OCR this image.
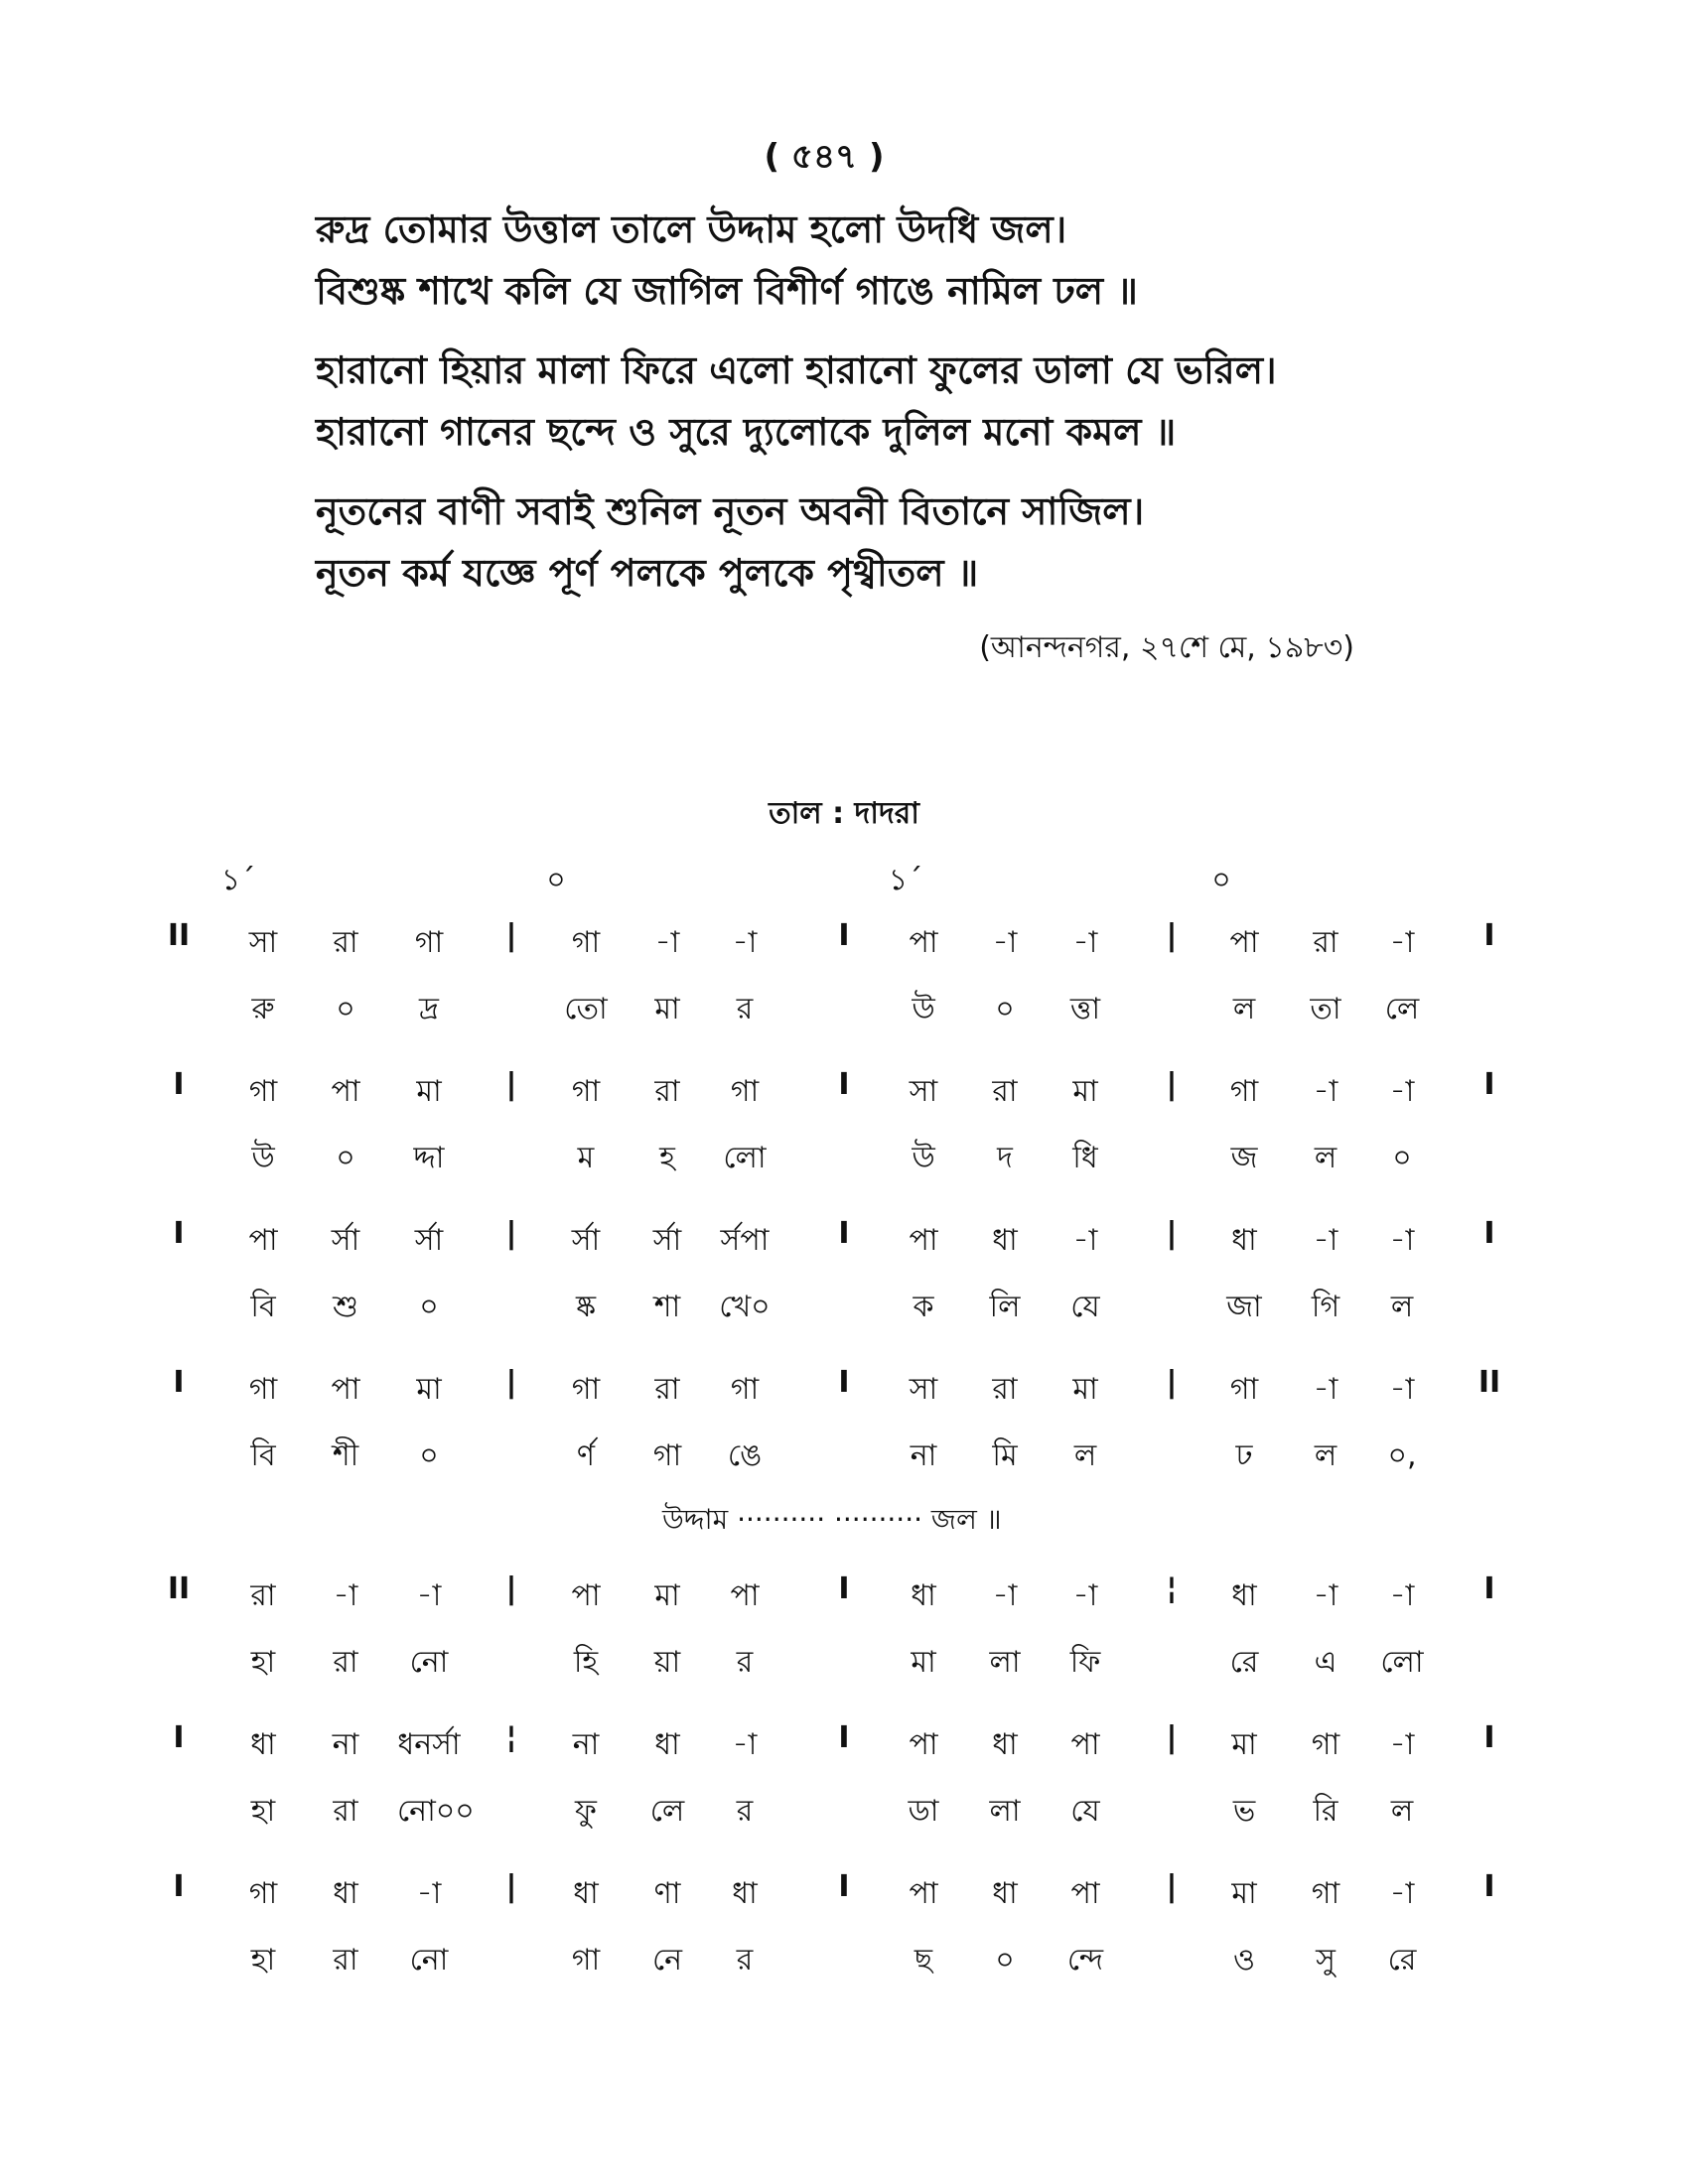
( ৫৪৭ )
রুদ্র তোমার উত্তাল তালে উদ্দাম হলো উদধি জল।
বিশুষ্ক শাখে কলি যে জাগিল বিশীর্ণ গাঙে নামিল ঢল ॥
হারানো হিয়ার মালা ফিরে এলো হারানো ফুলের ডালা যে ভরিল।
হারানো গানের ছন্দে ও সুরে দ্যুলোকে দুলিল মনো কমল ॥
নূতনের বাণী সবাই শুনিল নূতন অবনী বিতানে সাজিল।
নূতন কর্ম যজ্ঞে পূর্ণ পলকে পুলকে পৃথ্বীতল ॥
(আনন্দনগর, ২৭শে মে, ১৯৮৩)
তাল : দাদরা
১´	০	১´	০
II	|	I	|	I
সা	রা	গা	গা	-া	-া	পা	-া	-া	পা	রা	-া
রু	০	দ্র	তো	মা	র	উ	০	ত্তা	ল	তা	লে
I	|	I	|	I
গা	পা	মা	গা	রা	গা	সা	রা	মা	গা	-া	-া
উ	০	দ্দা	ম	হ	লো	উ	দ	ধি	জ	ল	০
I	|	I	|	I
পা	র্সা	র্সা	র্সা	র্সা	র্সপা	পা	ধা	-া	ধা	-া	-া
বি	শু	০	ষ্ক	শা	খে০	ক	লি	যে	জা	গি	ল
I	|	I	|	II
গা	পা	মা	গা	রা	গা	সা	রা	মা	গা	-া	-া
বি	শী	০	র্ণ	গা	ঙে	না	মি	ল	ঢ	ল	০,
উদ্দাম ·········· ·········· জল ॥
II	|	I	¦	I
রা	-া	-া	পা	মা	পা	ধা	-া	-া	ধা	-া	-া
হা	রা	নো	হি	য়া	র	মা	লা	ফি	রে	এ	লো
I	¦	I	|	I
ধা	না	ধনর্সা	না	ধা	-া	পা	ধা	পা	মা	গা	-া
হা	রা	নো০০	ফু	লে	র	ডা	লা	যে	ভ	রি	ল
I	|	I	|	I
গা	ধা	-া	ধা	ণা	ধা	পা	ধা	পা	মা	গা	-া
হা	রা	নো	গা	নে	র	ছ	০	ন্দে	ও	সু	রে
